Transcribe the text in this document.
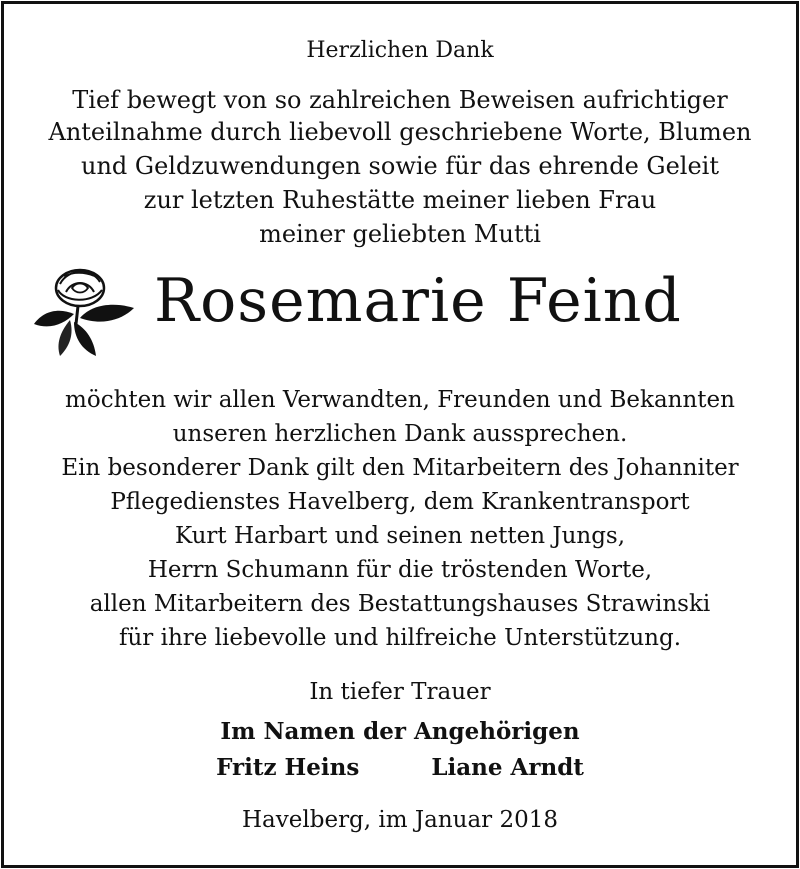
Herzlichen Dank
Tief bewegt von so zahlreichen Beweisen aufrichtiger
Anteilnahme durch liebevoll geschriebene Worte, Blumen
und Geldzuwendungen sowie für das ehrende Geleit
zur letzten Ruhestätte meiner lieben Frau
meiner geliebten Mutti
Rosemarie Feind
möchten wir allen Verwandten, Freunden und Bekannten
unseren herzlichen Dank aussprechen.
Ein besonderer Dank gilt den Mitarbeitern des Johanniter
Pflegedienstes Havelberg, dem Krankentransport
Kurt Harbart und seinen netten Jungs,
Herrn Schumann für die tröstenden Worte,
allen Mitarbeitern des Bestattungshauses Strawinski
für ihre liebevolle und hilfreiche Unterstützung.
In tiefer Trauer
Im Namen der Angehörigen
Fritz Heins	Liane Arndt
Havelberg, im Januar 2018
